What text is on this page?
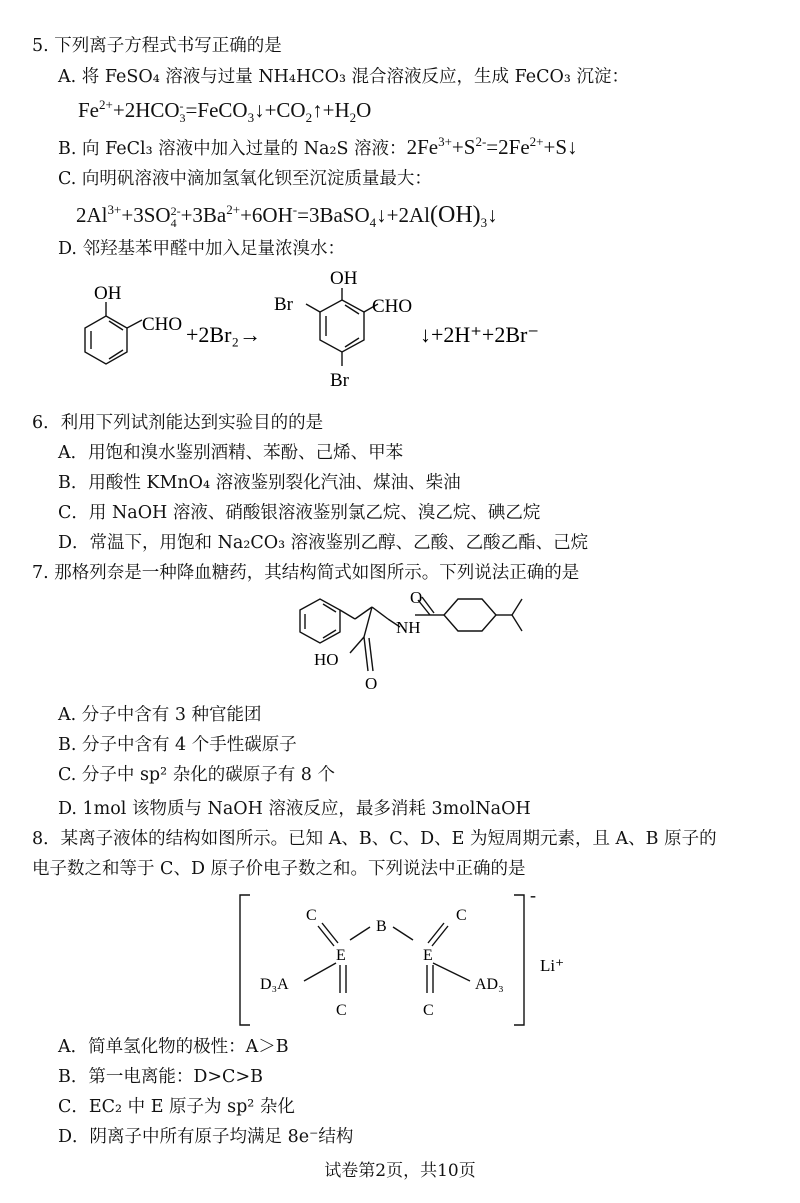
5. 下列离子方程式书写正确的是
A. 将 FeSO₄ 溶液与过量 NH₄HCO₃ 混合溶液反应，生成 FeCO₃ 沉淀：
$Fe^{2+}+2HCO$ -
$3 =FeCO_3↓+CO_2↑+H_2O$
B. 向 FeCl₃ 溶液中加入过量的 Na₂S 溶液：$2Fe^{3+}+S^{2-}=2Fe^{2+}+S↓$
C. 向明矾溶液中滴加氢氧化钡至沉淀质量最大：
$2Al^{3+}+3SO$ 2-
$4 +3Ba^{2+}+6OH^-=3BaSO_4↓+2Al(OH)_3↓$
D. 邻羟基苯甲醛中加入足量浓溴水：
OH
CHO +2Br₂→
OH
Br	CHO
Br
↓+2H⁺+2Br⁻
6．利用下列试剂能达到实验目的的是
A．用饱和溴水鉴别酒精、苯酚、己烯、甲苯
B．用酸性 KMnO₄ 溶液鉴别裂化汽油、煤油、柴油
C．用 NaOH 溶液、硝酸银溶液鉴别氯乙烷、溴乙烷、碘乙烷
D．常温下，用饱和 Na₂CO₃ 溶液鉴别乙醇、乙酸、乙酸乙酯、己烷
7. 那格列奈是一种降血糖药，其结构简式如图所示。下列说法正确的是
O
NH
HO
O
A. 分子中含有 3 种官能团
B. 分子中含有 4 个手性碳原子
C. 分子中 sp² 杂化的碳原子有 8 个
D. 1mol 该物质与 NaOH 溶液反应，最多消耗 3molNaOH
8．某离子液体的结构如图所示。已知 A、B、C、D、E 为短周期元素，且 A、B 原子的
电子数之和等于 C、D 原子价电子数之和。下列说法中正确的是
C
B
C
E	E
D₃A	AD₃
C	C
-
Li⁺
A．简单氢化物的极性：A＞B
B．第一电离能：D>C>B
C．EC₂ 中 E 原子为 sp² 杂化
D．阴离子中所有原子均满足 8e⁻结构
试卷第2页，共10页
